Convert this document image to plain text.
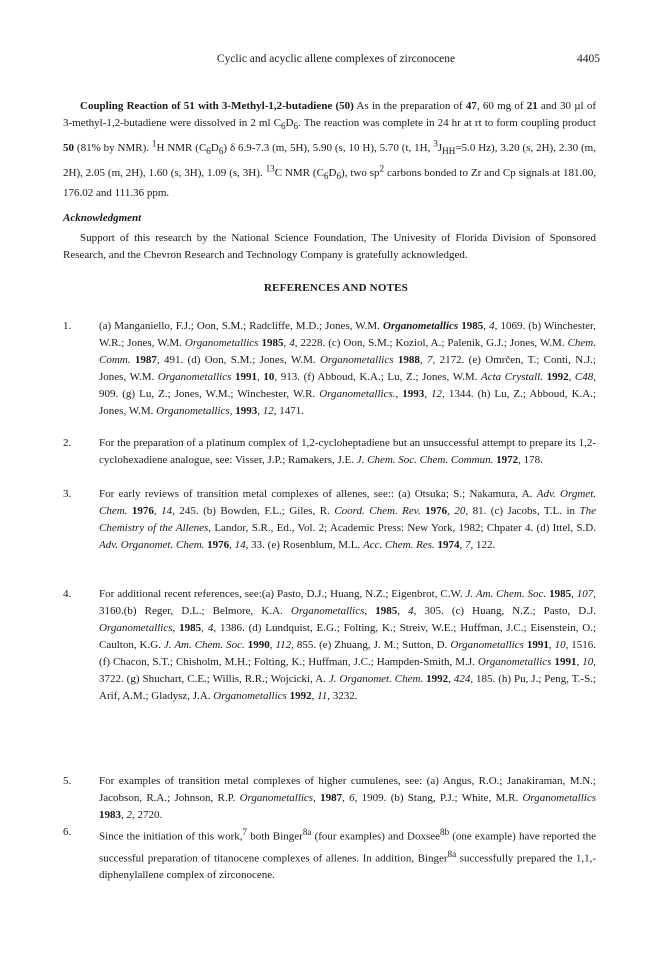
Cyclic and acyclic allene complexes of zirconocene	4405
Coupling Reaction of 51 with 3-Methyl-1,2-butadiene (50) As in the preparation of 47, 60 mg of 21 and 30 µl of 3-methyl-1,2-butadiene were dissolved in 2 ml $C_6D_6$. The reaction was complete in 24 hr at rt to form coupling product 50 (81% by NMR). $^1$H NMR $(C_6D_6)$ δ 6.9-7.3 (m, 5H), 5.90 (s, 10 H), 5.70 (t, 1H, $^3J_{HH}=5.0$ Hz), 3.20 (s, 2H), 2.30 (m, 2H), 2.05 (m, 2H), 1.60 (s, 3H), 1.09 (s, 3H). $^{13}$C NMR $(C_6D_6)$, two $sp^2$ carbons bonded to Zr and Cp signals at 181.00, 176.02 and 111.36 ppm.
Acknowledgment
Support of this research by the National Science Foundation, The Univesity of Florida Division of Sponsored Research, and the Chevron Research and Technology Company is gratefully acknowledged.
REFERENCES AND NOTES
1.	(a) Manganiello, F.J.; Oon, S.M.; Radcliffe, M.D.; Jones, W.M. Organometallics 1985, 4, 1069. (b) Winchester, W.R.; Jones, W.M. Organometallics 1985, 4, 2228. (c) Oon, S.M.; Koziol, A.; Palenik, G.J.; Jones, W.M. Chem. Comm. 1987, 491. (d) Oon, S.M.; Jones, W.M. Organometallics 1988, 7, 2172. (e) Omrčen, T.; Conti, N.J.; Jones, W.M. Organometallics 1991, 10, 913. (f) Abboud, K.A.; Lu, Z.; Jones, W.M. Acta Crystall. 1992, C48, 909. (g) Lu, Z.; Jones, W.M.; Winchester, W.R. Organometallics., 1993, 12, 1344. (h) Lu, Z.; Abboud, K.A.; Jones, W.M. Organometallics, 1993, 12, 1471.
2.	For the preparation of a platinum complex of 1,2-cycloheptadiene but an unsuccessful attempt to prepare its 1,2-cyclohexadiene analogue, see: Visser, J.P.; Ramakers, J.E. J. Chem. Soc. Chem. Commun. 1972, 178.
3.	For early reviews of transition metal complexes of allenes, see:: (a) Otsuka; S.; Nakamura, A. Adv. Orgmet. Chem. 1976, 14, 245. (b) Bowden, F.L.; Giles, R. Coord. Chem. Rev. 1976, 20, 81. (c) Jacobs, T.L. in The Chemistry of the Allenes, Landor, S.R., Ed., Vol. 2; Academic Press: New York, 1982; Chpater 4. (d) Ittel, S.D. Adv. Organomet. Chem. 1976, 14, 33. (e) Rosenblum, M.L. Acc. Chem. Res. 1974, 7, 122.
4.	For additional recent references, see:(a) Pasto, D.J.; Huang, N.Z.; Eigenbrot, C.W. J. Am. Chem. Soc. 1985, 107, 3160.(b) Reger, D.L.; Belmore, K.A. Organometallics, 1985, 4, 305. (c) Huang, N.Z.; Pasto, D.J. Organometallics, 1985, 4, 1386. (d) Lundquist, E.G.; Folting, K.; Streiv, W.E.; Huffman, J.C.; Eisenstein, O.; Caulton, K.G. J. Am. Chem. Soc. 1990, 112, 855. (e) Zhuang, J. M.; Sutton, D. Organometallics 1991, 10, 1516. (f) Chacon, S.T.; Chisholm, M.H.; Folting, K.; Huffman, J.C.; Hampden-Smith, M.J. Organometallics 1991, 10, 3722. (g) Shuchart, C.E.; Willis, R.R.; Wojcicki, A. J. Organomet. Chem. 1992, 424, 185. (h) Pu, J.; Peng, T.-S.; Arif, A.M.; Gladysz, J.A. Organometallics 1992, 11, 3232.
5.	For examples of transition metal complexes of higher cumulenes, see: (a) Angus, R.O.; Janakiraman, M.N.; Jacobson, R.A.; Johnson, R.P. Organometallics, 1987, 6, 1909. (b) Stang, P.J.; White, M.R. Organometallics 1983, 2, 2720.
6.	Since the initiation of this work,$^7$ both Binger$^{8a}$ (four examples) and Doxsee$^{8b}$ (one example) have reported the successful preparation of titanocene complexes of allenes. In addition, Binger$^{8a}$ successfully prepared the 1,1,-diphenylallene complex of zirconocene.
